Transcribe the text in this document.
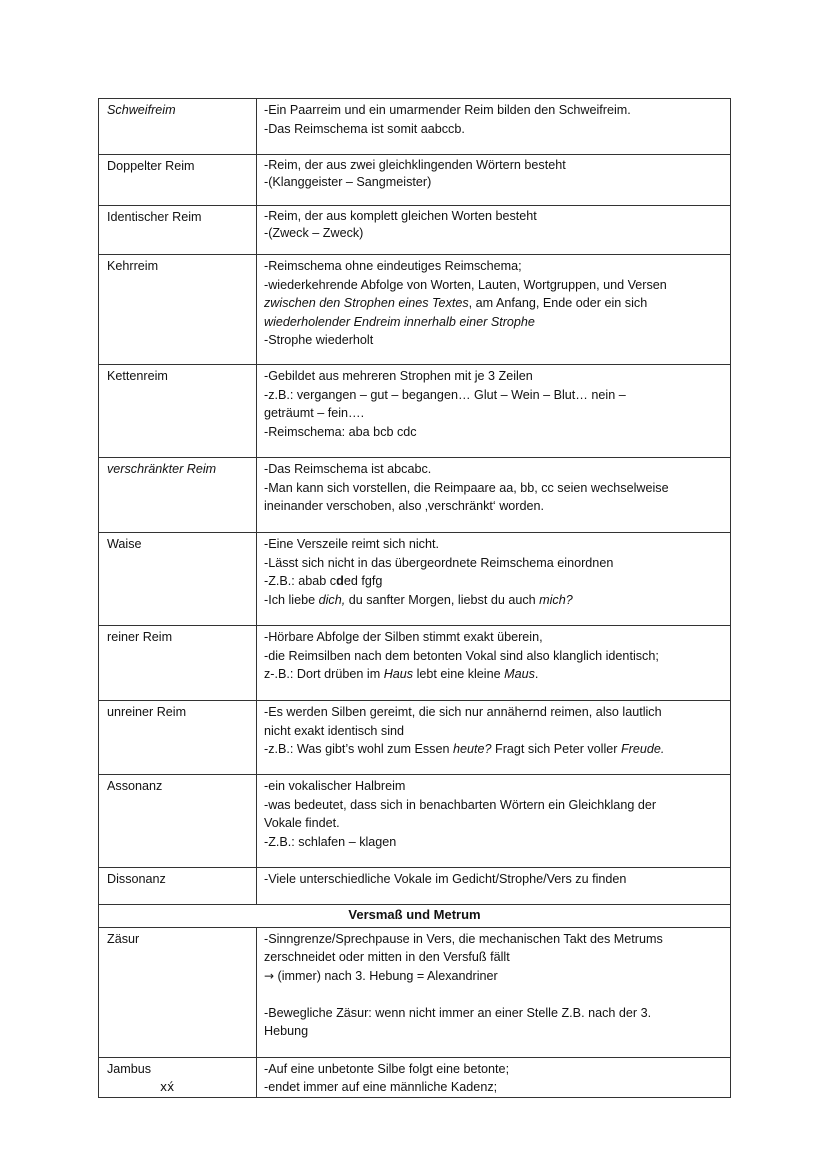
Schweifreim	-Ein Paarreim und ein umarmender Reim bilden den Schweifreim.
-Das Reimschema ist somit aabccb.

Doppelter Reim	-Reim, der aus zwei gleichklingenden Wörtern besteht
-(Klanggeister – Sangmeister)

Identischer Reim	-Reim, der aus komplett gleichen Worten besteht
-(Zweck – Zweck)

Kehrreim	-Reimschema ohne eindeutiges Reimschema;
-wiederkehrende Abfolge von Worten, Lauten, Wortgruppen, und Versen
zwischen den Strophen eines Textes, am Anfang, Ende oder ein sich
wiederholender Endreim innerhalb einer Strophe
-Strophe wiederholt

Kettenreim	-Gebildet aus mehreren Strophen mit je 3 Zeilen
-z.B.: vergangen – gut – begangen… Glut – Wein – Blut… nein –
geträumt – fein….
-Reimschema: aba bcb cdc

verschränkter Reim	-Das Reimschema ist abcabc.
-Man kann sich vorstellen, die Reimpaare aa, bb, cc seien wechselweise
ineinander verschoben, also ‚verschränkt‘ worden.

Waise	-Eine Verszeile reimt sich nicht.
-Lässt sich nicht in das übergeordnete Reimschema einordnen
-Z.B.: abab cded fgfg
-Ich liebe dich, du sanfter Morgen, liebst du auch mich?

reiner Reim	-Hörbare Abfolge der Silben stimmt exakt überein,
-die Reimsilben nach dem betonten Vokal sind also klanglich identisch;
z-.B.: Dort drüben im Haus lebt eine kleine Maus.

unreiner Reim	-Es werden Silben gereimt, die sich nur annähernd reimen, also lautlich
nicht exakt identisch sind
-z.B.: Was gibt’s wohl zum Essen heute? Fragt sich Peter voller Freude.

Assonanz	-ein vokalischer Halbreim
-was bedeutet, dass sich in benachbarten Wörtern ein Gleichklang der
Vokale findet.
-Z.B.: schlafen – klagen

Dissonanz	-Viele unterschiedliche Vokale im Gedicht/Strophe/Vers zu finden

Versmaß und Metrum	
Zäsur	-Sinngrenze/Sprechpause in Vers, die mechanischen Takt des Metrums
zerschneidet oder mitten in den Versfuß fällt
→ (immer) nach 3. Hebung = Alexandriner
-Bewegliche Zäsur: wenn nicht immer an einer Stelle Z.B. nach der 3.
Hebung

Jambus
xx́	-Auf eine unbetonte Silbe folgt eine betonte;
-endet immer auf eine männliche Kadenz;
